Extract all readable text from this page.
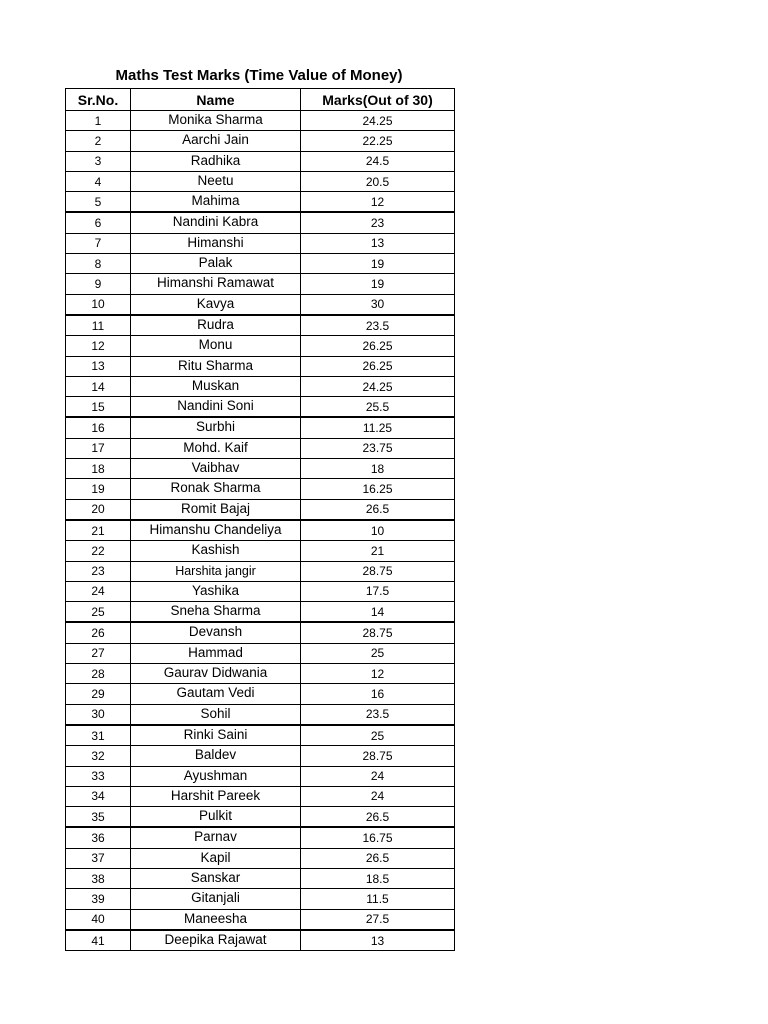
Maths Test Marks (Time Value of Money)
Sr.No.	Name	Marks(Out of 30)
1	Monika Sharma	24.25
2	Aarchi Jain	22.25
3	Radhika	24.5
4	Neetu	20.5
5	Mahima	12
6	Nandini Kabra	23
7	Himanshi	13
8	Palak	19
9	Himanshi Ramawat	19
10	Kavya	30
11	Rudra	23.5
12	Monu	26.25
13	Ritu Sharma	26.25
14	Muskan	24.25
15	Nandini Soni	25.5
16	Surbhi	11.25
17	Mohd. Kaif	23.75
18	Vaibhav	18
19	Ronak Sharma	16.25
20	Romit Bajaj	26.5
21	Himanshu Chandeliya	10
22	Kashish	21
23	Harshita jangir	28.75
24	Yashika	17.5
25	Sneha Sharma	14
26	Devansh	28.75
27	Hammad	25
28	Gaurav Didwania	12
29	Gautam Vedi	16
30	Sohil	23.5
31	Rinki Saini	25
32	Baldev	28.75
33	Ayushman	24
34	Harshit Pareek	24
35	Pulkit	26.5
36	Parnav	16.75
37	Kapil	26.5
38	Sanskar	18.5
39	Gitanjali	11.5
40	Maneesha	27.5
41	Deepika Rajawat	13
